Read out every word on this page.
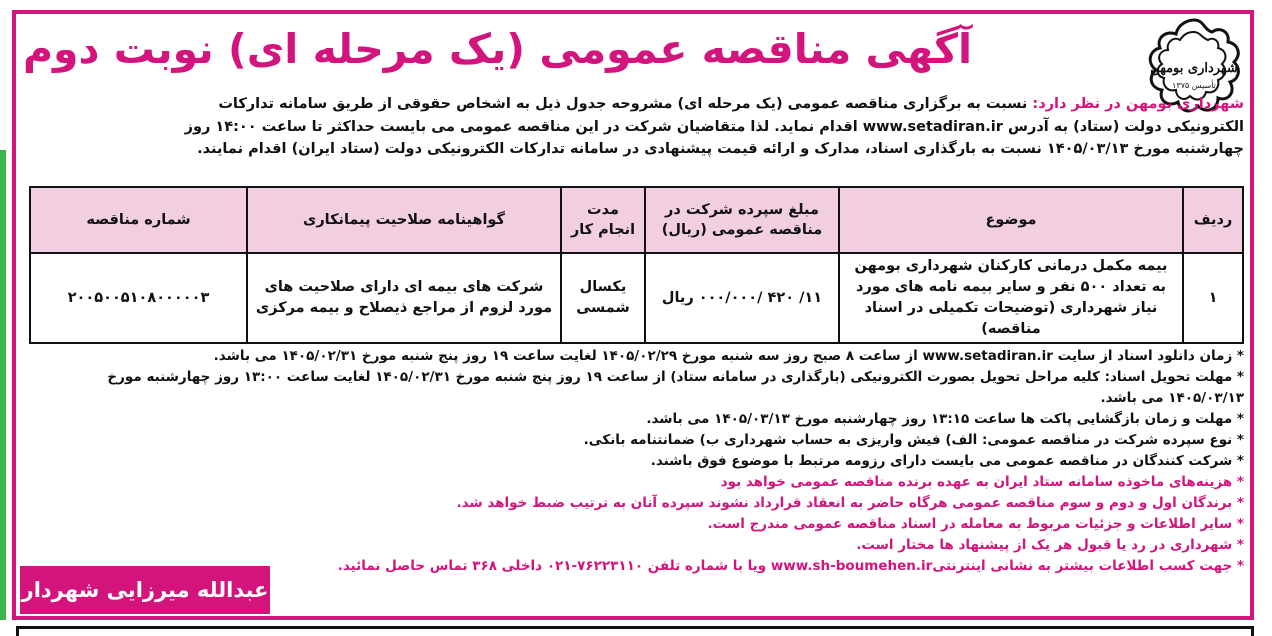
شهرداری بومهن
تأسیس ۱۳۷۵
آگهی مناقصه عمومی (یک مرحله ای) نوبت دوم
شهرداری بومهن در نظر دارد: نسبت به برگزاری مناقصه عمومی (یک مرحله ای) مشروحه جدول ذیل به اشخاص حقوقی از طریق سامانه تدارکات
الکترونیکی دولت (ستاد) به آدرس www.setadiran.ir اقدام نماید. لذا متقاضیان شرکت در این مناقصه عمومی می بایست حداکثر تا ساعت ۱۴:۰۰ روز
چهارشنبه مورخ ۱۴۰۵/۰۳/۱۳ نسبت به بارگذاری اسناد، مدارک و ارائه قیمت پیشنهادی در سامانه تدارکات الکترونیکی دولت (ستاد ایران) اقدام نمایند.
ردیف	موضوع	مبلغ سپرده شرکت در مناقصه عمومی (ریال)	مدت انجام کار	گواهینامه صلاحیت پیمانکاری	شماره مناقصه
۱	بیمه مکمل درمانی کارکنان شهرداری بومهن به تعداد ۵۰۰ نفر و سایر بیمه نامه های مورد نیاز شهرداری (توضیحات تکمیلی در اسناد مناقصه)	۱۱/ ۴۲۰ /۰۰۰/۰۰۰ ریال	یکسال شمسی	شرکت های بیمه ای دارای صلاحیت های مورد لزوم از مراجع ذیصلاح و بیمه مرکزی	۲۰۰۵۰۰۵۱۰۸۰۰۰۰۰۳
* زمان دانلود اسناد از سایت www.setadiran.ir از ساعت ۸ صبح روز سه شنبه مورخ ۱۴۰۵/۰۲/۲۹ لغایت ساعت ۱۹ روز پنج شنبه مورخ ۱۴۰۵/۰۲/۳۱ می باشد.
* مهلت تحویل اسناد: کلیه مراحل تحویل بصورت الکترونیکی (بارگذاری در سامانه ستاد) از ساعت ۱۹ روز پنج شنبه مورخ ۱۴۰۵/۰۲/۳۱ لغایت ساعت ۱۳:۰۰ روز چهارشنبه مورخ
۱۴۰۵/۰۳/۱۳ می باشد.
* مهلت و زمان بازگشایی پاکت ها ساعت ۱۳:۱۵ روز چهارشنبه مورخ ۱۴۰۵/۰۳/۱۳ می باشد.
* نوع سپرده شرکت در مناقصه عمومی: الف) فیش واریزی به حساب شهرداری ب) ضمانتنامه بانکی.
* شرکت کنندگان در مناقصه عمومی می بایست دارای رزومه مرتبط با موضوع فوق باشند.
* هزینه‌های ماخوذه سامانه ستاد ایران به عهده برنده مناقصه عمومی خواهد بود
* برندگان اول و دوم و سوم مناقصه عمومی هرگاه حاضر به انعقاد قرارداد نشوند سپرده آنان به ترتیب ضبط خواهد شد.
* سایر اطلاعات و جزئیات مربوط به معامله در اسناد مناقصه عمومی مندرج است.
* شهرداری در رد یا قبول هر یک از پیشنهاد ها مختار است.
* جهت کسب اطلاعات بیشتر به نشانی اینترنتیwww.sh-boumehen.ir ویا با شماره تلفن ۷۶۲۲۳۱۱۰-۰۲۱ داخلی ۳۶۸ تماس حاصل نمائید.
عبدالله میرزایی شهردار
